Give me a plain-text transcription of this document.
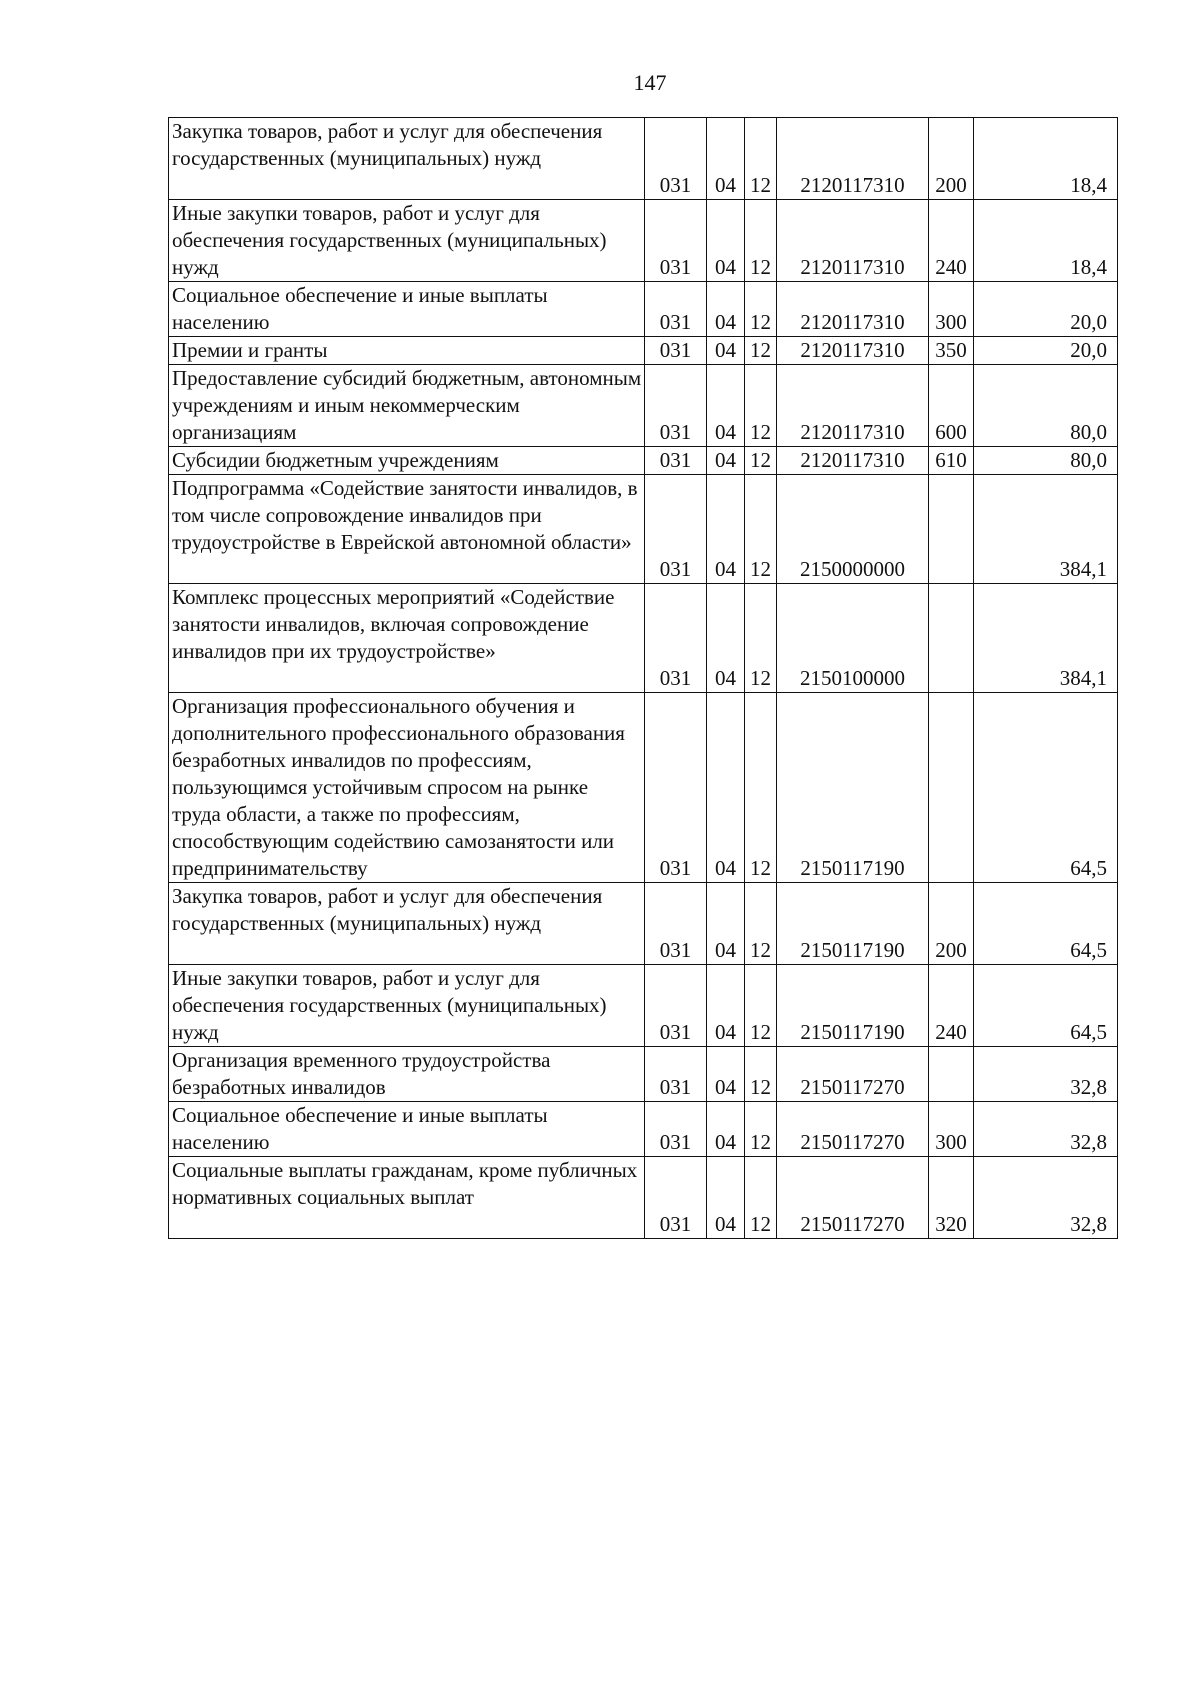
147
Закупка товаров, работ и услуг для обеспечения государственных (муниципальных) нужд	031	04	12	2120117310	200	18,4

Иные закупки товаров, работ и услуг для обеспечения государственных (муниципальных) нужд	031	04	12	2120117310	240	18,4

Социальное обеспечение и иные выплаты населению	031	04	12	2120117310	300	20,0

Премии и гранты	031	04	12	2120117310	350	20,0

Предоставление субсидий бюджетным, автономным учреждениям и иным некоммерческим организациям	031	04	12	2120117310	600	80,0

Субсидии бюджетным учреждениям	031	04	12	2120117310	610	80,0

Подпрограмма «Содействие занятости инвалидов, в том числе сопровождение инвалидов при трудоустройстве в Еврейской автономной области»	031	04	12	2150000000		384,1

Комплекс процессных мероприятий «Содействие занятости инвалидов, включая сопровождение инвалидов при их трудоустройстве»	031	04	12	2150100000		384,1

Организация профессионального обучения и дополнительного профессионального образования безработных инвалидов по профессиям, пользующимся устойчивым спросом на рынке труда области, а также по профессиям, способствующим содействию самозанятости или предпринимательству	031	04	12	2150117190		64,5

Закупка товаров, работ и услуг для обеспечения государственных (муниципальных) нужд	031	04	12	2150117190	200	64,5

Иные закупки товаров, работ и услуг для обеспечения государственных (муниципальных) нужд	031	04	12	2150117190	240	64,5

Организация временного трудоустройства безработных инвалидов	031	04	12	2150117270		32,8

Социальное обеспечение и иные выплаты населению	031	04	12	2150117270	300	32,8

Социальные выплаты гражданам, кроме публичных нормативных социальных выплат	031	04	12	2150117270	320	32,8
